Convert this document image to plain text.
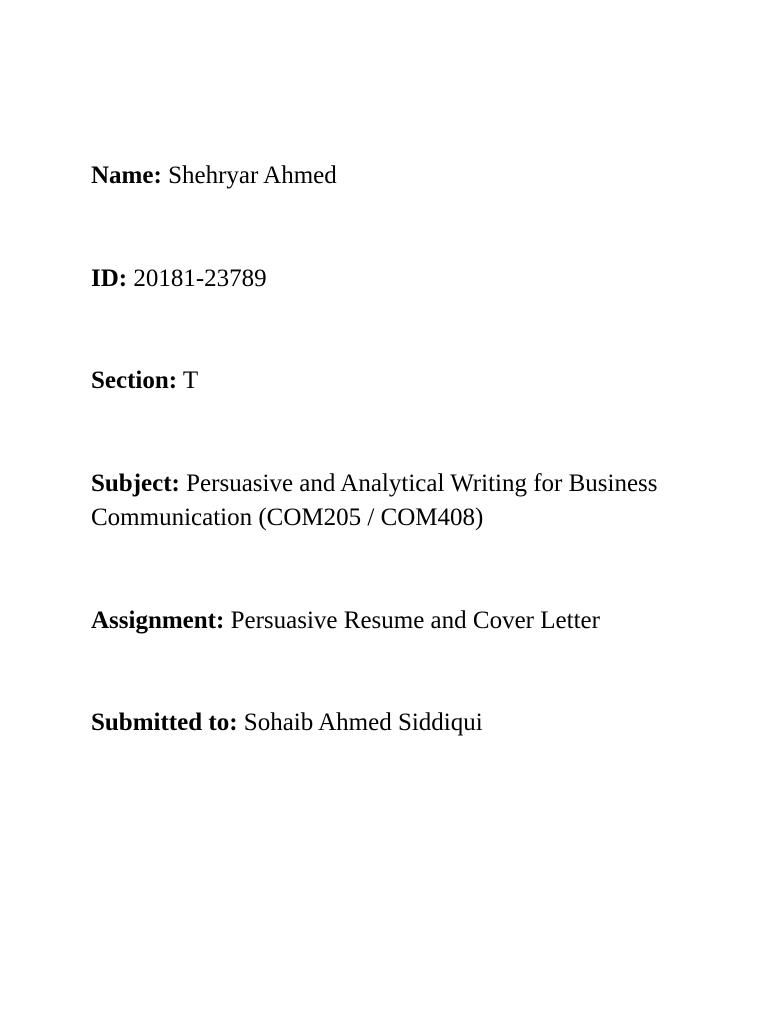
Name: Shehryar Ahmed

ID: 20181-23789

Section: T

Subject: Persuasive and Analytical Writing for Business Communication (COM205 / COM408)

Assignment: Persuasive Resume and Cover Letter

Submitted to: Sohaib Ahmed Siddiqui
